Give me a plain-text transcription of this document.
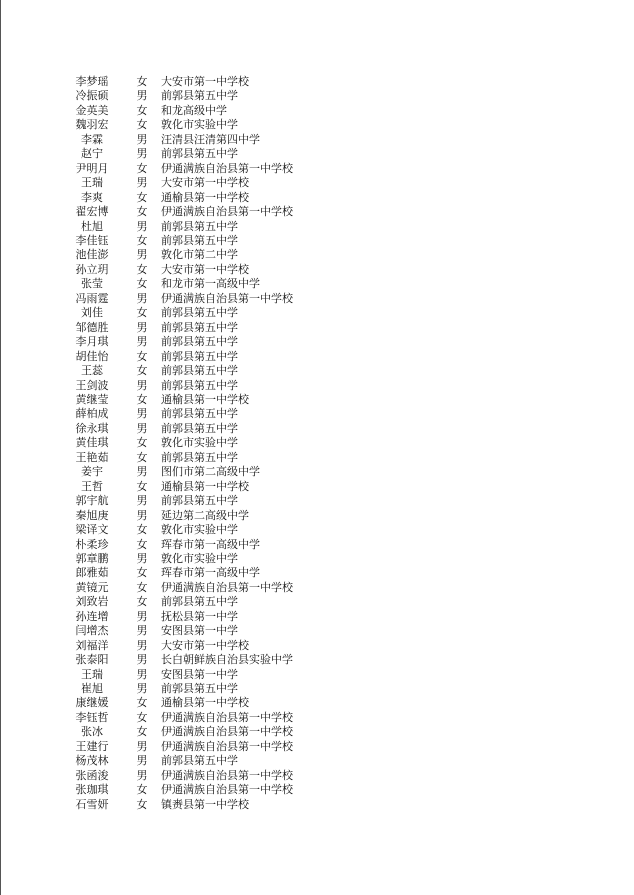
李梦瑶	女 大安市第一中学校
冷振硕	男 前郭县第五中学
金英美	女 和龙高级中学
魏羽宏	女 敦化市实验中学
李霖	男 汪清县汪清第四中学
赵宁	男 前郭县第五中学
尹明月	女 伊通满族自治县第一中学校
王瑞	男 大安市第一中学校
李爽	女 通榆县第一中学校
翟宏博	女 伊通满族自治县第一中学校
杜旭	男 前郭县第五中学
李佳钰	女 前郭县第五中学
池佳澎	男 敦化市第二中学
孙立玥	女 大安市第一中学校
张莹	女 和龙市第一高级中学
冯雨霆	男 伊通满族自治县第一中学校
刘佳	女 前郭县第五中学
邹德胜	男 前郭县第五中学
李月琪	男 前郭县第五中学
胡佳怡	女 前郭县第五中学
王蕊	女 前郭县第五中学
王剑波	男 前郭县第五中学
黄继莹	女 通榆县第一中学校
薛柏成	男 前郭县第五中学
徐永琪	男 前郭县第五中学
黄佳琪	女 敦化市实验中学
王艳茹	女 前郭县第五中学
姜宇	男 图们市第二高级中学
王哲	女 通榆县第一中学校
郭宇航	男 前郭县第五中学
秦旭庚	男 延边第二高级中学
梁译文	女 敦化市实验中学
朴柔珍	女 珲春市第一高级中学
郭章鹏	男 敦化市实验中学
郎雅茹	女 珲春市第一高级中学
黄镜元	女 伊通满族自治县第一中学校
刘致岩	女 前郭县第五中学
孙连增	男 抚松县第一中学
闫增杰	男 安图县第一中学
刘福洋	男 大安市第一中学校
张泰阳	男 长白朝鲜族自治县实验中学
王瑞	男 安图县第一中学
崔旭	男 前郭县第五中学
康继媛	女 通榆县第一中学校
李钰哲	女 伊通满族自治县第一中学校
张冰	女 伊通满族自治县第一中学校
王建行	男 伊通满族自治县第一中学校
杨茂林	男 前郭县第五中学
张函浚	男 伊通满族自治县第一中学校
张珈琪	女 伊通满族自治县第一中学校
石雪妍	女 镇赉县第一中学校
